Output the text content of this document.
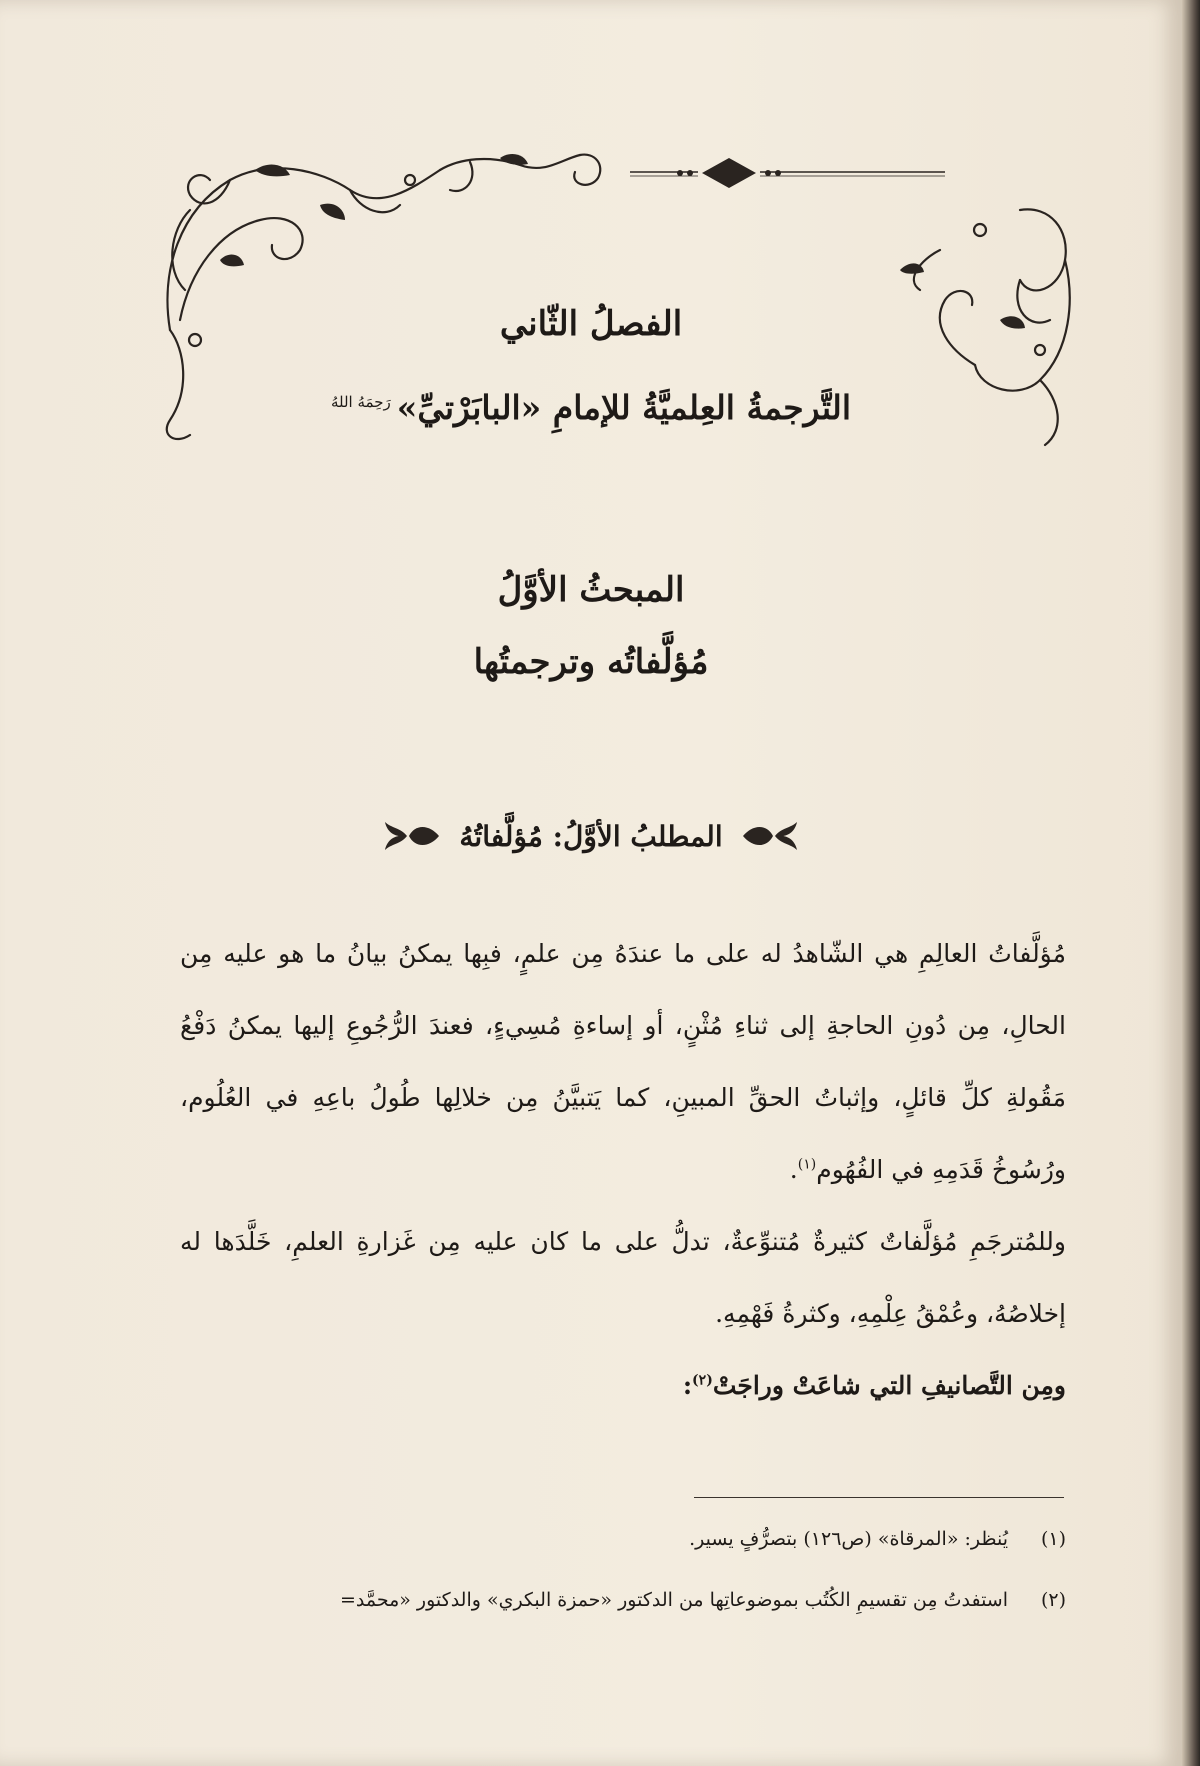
الفصلُ الثّاني
التَّرجمةُ العِلميَّةُ للإمامِ «البابَرْتيِّ»$^{رَحِمَهُ اللهُ}$
المبحثُ الأوَّلُ
مُؤلَّفاتُه وترجمتُها
المطلبُ الأوَّلُ: مُؤلَّفاتُهُ
مُؤلَّفاتُ العالِمِ هي الشّاهدُ له على ما عندَهُ مِن علمٍ، فبِها يمكنُ بيانُ ما هو عليه مِن الحالِ، مِن دُونِ الحاجةِ إلى ثناءِ مُثْنٍ، أو إساءةِ مُسِيءٍ، فعندَ الرُّجُوعِ إليها يمكنُ دَفْعُ مَقُولةِ كلِّ قائلٍ، وإثباتُ الحقِّ المبينِ، كما يَتبيَّنُ مِن خلالِها طُولُ باعِهِ في العُلُوم، ورُسُوخُ قَدَمِهِ في الفُهُوم$^{(١)}$.
وللمُترجَمِ مُؤلَّفاتٌ كثيرةٌ مُتنوِّعةٌ، تدلُّ على ما كان عليه مِن غَزارةِ العلمِ، خَلَّدَها له إخلاصُهُ، وعُمْقُ عِلْمِهِ، وكثرةُ فَهْمِهِ.
ومِن التَّصانيفِ التي شاعَتْ وراجَتْ$^{(٢)}$:
(١)يُنظر: «المرقاة» (ص١٢٦) بتصرُّفٍ يسير.
(٢)استفدتُ مِن تقسيمِ الكُتُب بموضوعاتِها من الدكتور «حمزة البكري» والدكتور «محمَّد=
